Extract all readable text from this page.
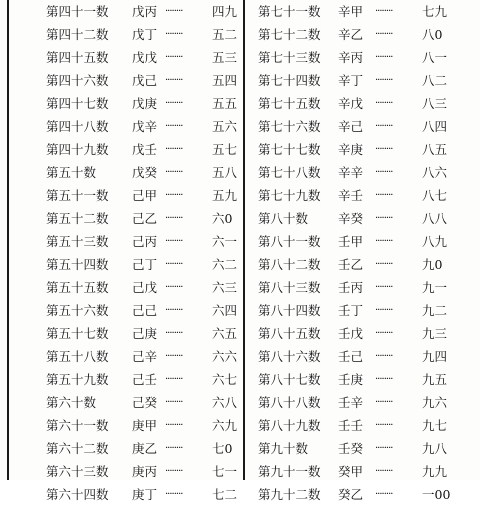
第四十一数 戊丙 ········ 四九
第四十二数 戊丁 ········ 五二
第四十五数 戊戊 ········ 五三
第四十六数 戊己 ········ 五四
第四十七数 戊庚 ········ 五五
第四十八数 戊辛 ········ 五六
第四十九数 戊壬 ········ 五七
第五十数	戊癸 ········ 五八
第五十一数 己甲 ········ 五九
第五十二数 己乙 ········ 六0
第五十三数 己丙 ········ 六一
第五十四数 己丁 ········ 六二
第五十五数 己戊 ········ 六三
第五十六数 己己 ········ 六四
第五十七数 己庚 ········ 六五
第五十八数 己辛 ········ 六六
第五十九数 己壬 ········ 六七
第六十数	己癸 ········ 六八
第六十一数 庚甲 ········ 六九
第六十二数 庚乙 ········ 七0
第六十三数 庚丙 ········ 七一
第六十四数 庚丁 ········ 七二
第七十一数 辛甲 ········ 七九
第七十二数 辛乙 ········ 八0
第七十三数 辛丙 ········ 八一
第七十四数 辛丁 ········ 八二
第七十五数 辛戊 ········ 八三
第七十六数 辛己 ········ 八四
第七十七数 辛庚 ········ 八五
第七十八数 辛辛 ········ 八六
第七十九数 辛壬 ········ 八七
第八十数 辛癸 ········ 八八
第八十一数 壬甲 ········ 八九
第八十二数 壬乙 ········ 九0
第八十三数 壬丙 ········ 九一
第八十四数 壬丁 ········ 九二
第八十五数 壬戊 ········ 九三
第八十六数 壬己 ········ 九四
第八十七数 壬庚 ········ 九五
第八十八数 壬辛 ········ 九六
第八十九数 壬壬 ········ 九七
第九十数 壬癸 ········ 九八
第九十一数 癸甲 ········ 九九
第九十二数 癸乙 ········ 一00
